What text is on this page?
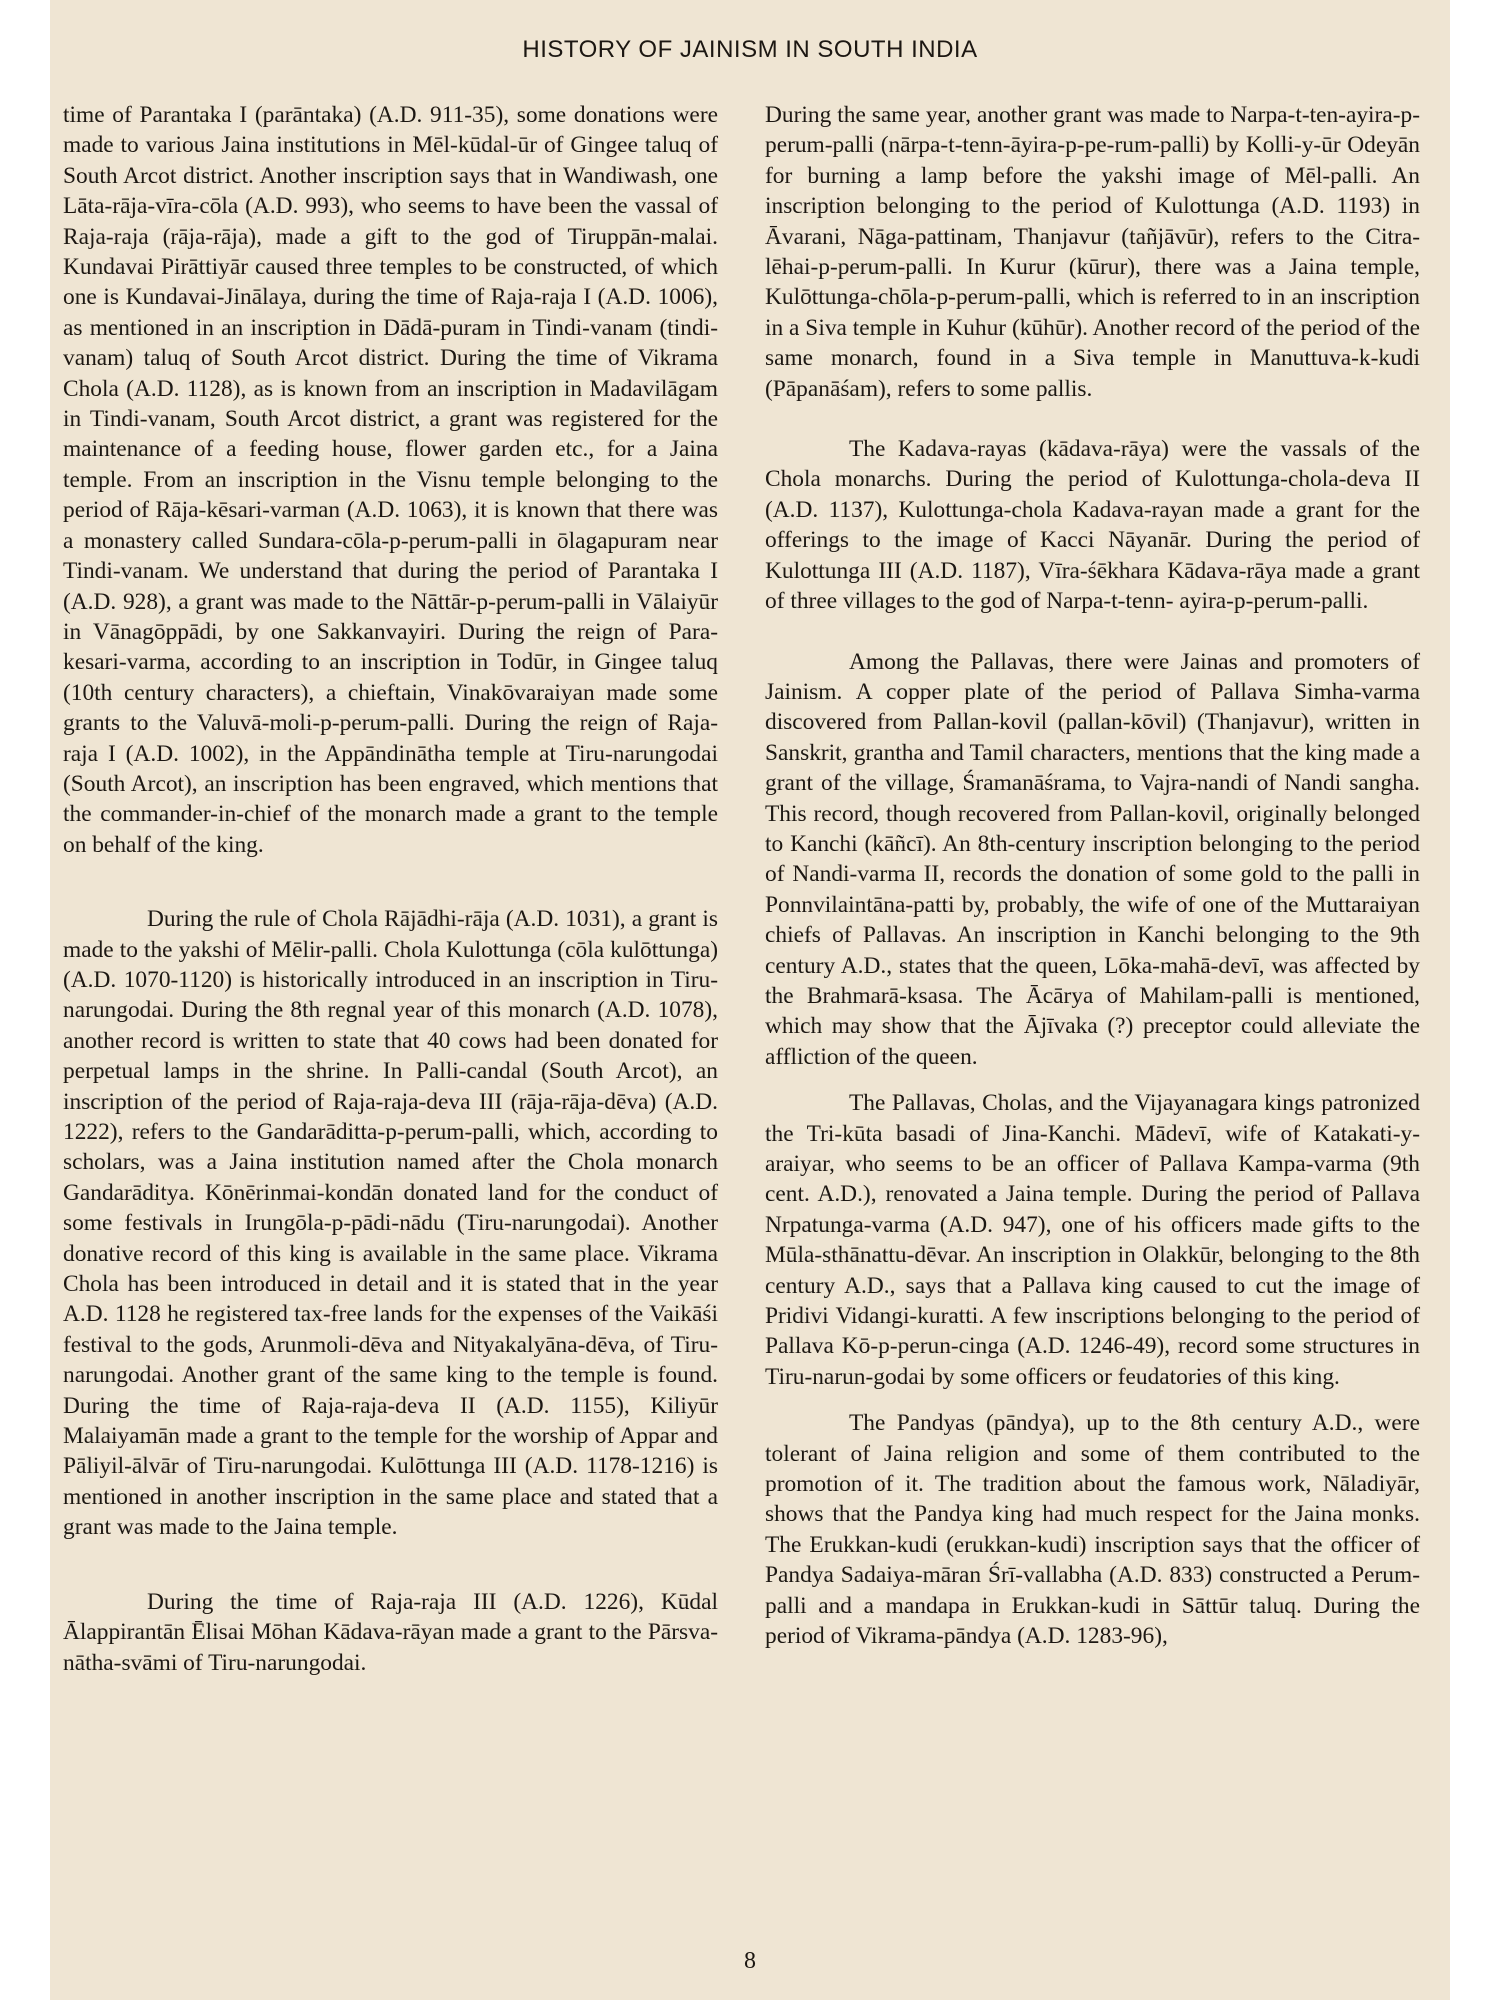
HISTORY OF JAINISM IN SOUTH INDIA

time of Parantaka I (parāntaka) (A.D. 911-35), some donations were made to various Jaina institutions in Mēl-kūdal-ūr of Gingee taluq of South Arcot district. Another inscription says that in Wandiwash, one Lāta-rāja-vīra-cōla (A.D. 993), who seems to have been the vassal of Raja-raja (rāja-rāja), made a gift to the god of Tiruppān-malai. Kundavai Pirāttiyār caused three temples to be constructed, of which one is Kundavai-Jinālaya, during the time of Raja-raja I (A.D. 1006), as mentioned in an inscription in Dādā-puram in Tindi-vanam (tindi-vanam) taluq of South Arcot district. During the time of Vikrama Chola (A.D. 1128), as is known from an inscription in Madavilāgam in Tindi-vanam, South Arcot district, a grant was registered for the maintenance of a feeding house, flower garden etc., for a Jaina temple. From an inscription in the Visnu temple belonging to the period of Rāja-kēsari-varman (A.D. 1063), it is known that there was a monastery called Sundara-cōla-p-perum-palli in ōlagapuram near Tindi-vanam. We understand that during the period of Parantaka I (A.D. 928), a grant was made to the Nāttār-p-perum-palli in Vālaiyūr in Vānagōppādi, by one Sakkanvayiri. During the reign of Para-kesari-varma, according to an inscription in Todūr, in Gingee taluq (10th century characters), a chieftain, Vinakōvaraiyan made some grants to the Valuvā-moli-p-perum-palli. During the reign of Raja-raja I (A.D. 1002), in the Appāndinātha temple at Tiru-narungodai (South Arcot), an inscription has been engraved, which mentions that the commander-in-chief of the monarch made a grant to the temple on behalf of the king.

During the rule of Chola Rājādhi-rāja (A.D. 1031), a grant is made to the yakshi of Mēlir-palli. Chola Kulottunga (cōla kulōttunga) (A.D. 1070-1120) is historically introduced in an inscription in Tiru-narungodai. During the 8th regnal year of this monarch (A.D. 1078), another record is written to state that 40 cows had been donated for perpetual lamps in the shrine. In Palli-candal (South Arcot), an inscription of the period of Raja-raja-deva III (rāja-rāja-dēva) (A.D. 1222), refers to the Gandarāditta-p-perum-palli, which, according to scholars, was a Jaina institution named after the Chola monarch Gandarāditya. Kōnērinmai-kondān donated land for the conduct of some festivals in Irungōla-p-pādi-nādu (Tiru-narungodai). Another donative record of this king is available in the same place. Vikrama Chola has been introduced in detail and it is stated that in the year A.D. 1128 he registered tax-free lands for the expenses of the Vaikāśi festival to the gods, Arunmoli-dēva and Nityakalyāna-dēva, of Tiru-narungodai. Another grant of the same king to the temple is found. During the time of Raja-raja-deva II (A.D. 1155), Kiliyūr Malaiyamān made a grant to the temple for the worship of Appar and Pāliyil-ālvār of Tiru-narungodai. Kulōttunga III (A.D. 1178-1216) is mentioned in another inscription in the same place and stated that a grant was made to the Jaina temple.

During the time of Raja-raja III (A.D. 1226), Kūdal Ālappirantān Ēlisai Mōhan Kādava-rāyan made a grant to the Pārsva-nātha-svāmi of Tiru-narungodai.

During the same year, another grant was made to Narpa-t-ten-ayira-p-perum-palli (nārpa-t-tenn-āyira-p-pe-rum-palli) by Kolli-y-ūr Odeyān for burning a lamp before the yakshi image of Mēl-palli. An inscription belonging to the period of Kulottunga (A.D. 1193) in Āvarani, Nāga-pattinam, Thanjavur (tañjāvūr), refers to the Citra-lēhai-p-perum-palli. In Kurur (kūrur), there was a Jaina temple, Kulōttunga-chōla-p-perum-palli, which is referred to in an inscription in a Siva temple in Kuhur (kūhūr). Another record of the period of the same monarch, found in a Siva temple in Manuttuva-k-kudi (Pāpanāśam), refers to some pallis.

The Kadava-rayas (kādava-rāya) were the vassals of the Chola monarchs. During the period of Kulottunga-chola-deva II (A.D. 1137), Kulottunga-chola Kadava-rayan made a grant for the offerings to the image of Kacci Nāyanār. During the period of Kulottunga III (A.D. 1187), Vīra-śēkhara Kādava-rāya made a grant of three villages to the god of Narpa-t-tenn- ayira-p-perum-palli.

Among the Pallavas, there were Jainas and promoters of Jainism. A copper plate of the period of Pallava Simha-varma discovered from Pallan-kovil (pallan-kōvil) (Thanjavur), written in Sanskrit, grantha and Tamil characters, mentions that the king made a grant of the village, Śramanāśrama, to Vajra-nandi of Nandi sangha. This record, though recovered from Pallan-kovil, originally belonged to Kanchi (kāñcī). An 8th-century inscription belonging to the period of Nandi-varma II, records the donation of some gold to the palli in Ponnvilaintāna-patti by, probably, the wife of one of the Muttaraiyan chiefs of Pallavas. An inscription in Kanchi belonging to the 9th century A.D., states that the queen, Lōka-mahā-devī, was affected by the Brahmarā-ksasa. The Ācārya of Mahilam-palli is mentioned, which may show that the Ājīvaka (?) preceptor could alleviate the affliction of the queen.

The Pallavas, Cholas, and the Vijayanagara kings patronized the Tri-kūta basadi of Jina-Kanchi. Mādevī, wife of Katakati-y-araiyar, who seems to be an officer of Pallava Kampa-varma (9th cent. A.D.), renovated a Jaina temple. During the period of Pallava Nrpatunga-varma (A.D. 947), one of his officers made gifts to the Mūla-sthānattu-dēvar. An inscription in Olakkūr, belonging to the 8th century A.D., says that a Pallava king caused to cut the image of Pridivi Vidangi-kuratti. A few inscriptions belonging to the period of Pallava Kō-p-perun-cinga (A.D. 1246-49), record some structures in Tiru-narun-godai by some officers or feudatories of this king.

The Pandyas (pāndya), up to the 8th century A.D., were tolerant of Jaina religion and some of them contributed to the promotion of it. The tradition about the famous work, Nāladiyār, shows that the Pandya king had much respect for the Jaina monks. The Erukkan-kudi (erukkan-kudi) inscription says that the officer of Pandya Sadaiya-māran Śrī-vallabha (A.D. 833) constructed a Perum-palli and a mandapa in Erukkan-kudi in Sāttūr taluq. During the period of Vikrama-pāndya (A.D. 1283-96),

8
